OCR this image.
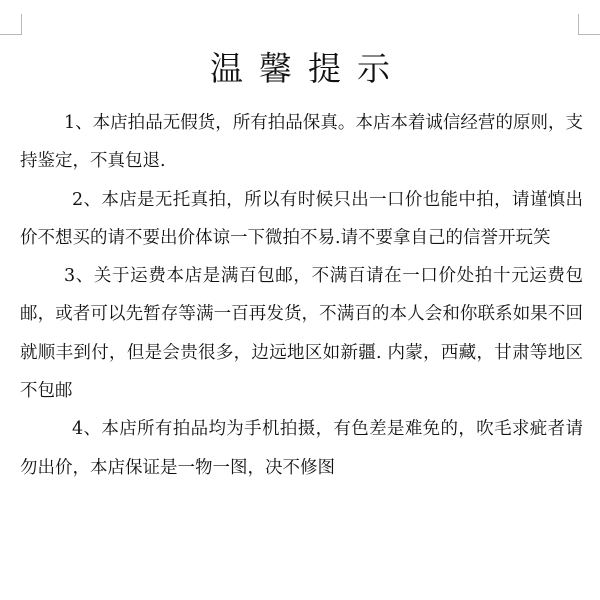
温馨提示

1、本店拍品无假货，所有拍品保真。本店本着诚信经营的原则，支持鉴定，不真包退.

2、本店是无托真拍，所以有时候只出一口价也能中拍，请谨慎出价不想买的请不要出价体谅一下微拍不易.请不要拿自己的信誉开玩笑

3、关于运费本店是满百包邮，不满百请在一口价处拍十元运费包邮，或者可以先暂存等满一百再发货，不满百的本人会和你联系如果不回就顺丰到付，但是会贵很多，边远地区如新疆. 内蒙，西藏，甘肃等地区不包邮

4、本店所有拍品均为手机拍摄，有色差是难免的，吹毛求疵者请勿出价，本店保证是一物一图，决不修图
